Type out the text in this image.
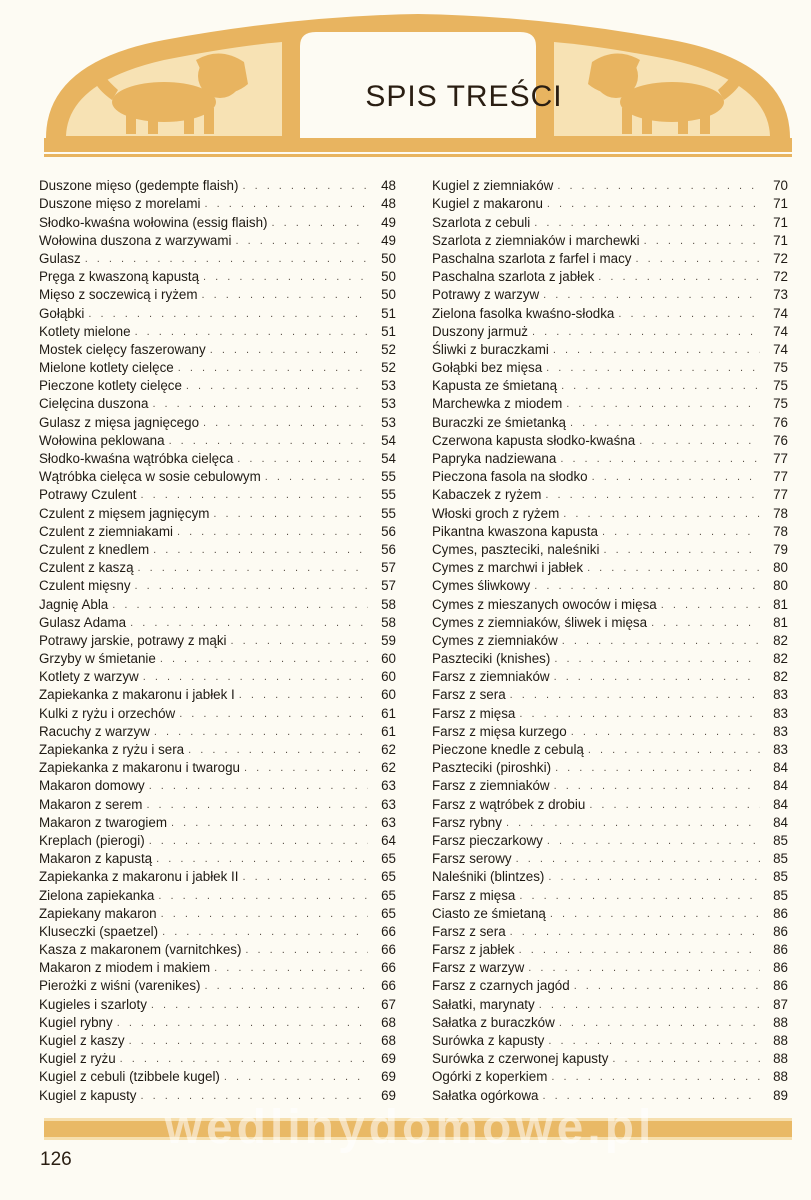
SPIS TREŚCI
Duszone mięso (gedempte flaish) . . .	48
Duszone mięso z morelami . . .	48
Słodko-kwaśna wołowina (essig flaish) . . .	49
Wołowina duszona z warzywami . . .	49
Gulasz . . .	50
Pręga z kwaszoną kapustą . . .	50
Mięso z soczewicą i ryżem . . .	50
Gołąbki . . .	51
Kotlety mielone . . .	51
Mostek cielęcy faszerowany . . .	52
Mielone kotlety cielęce . . .	52
Pieczone kotlety cielęce . . .	53
Cielęcina duszona . . .	53
Gulasz z mięsa jagnięcego . . .	53
Wołowina peklowana . . .	54
Słodko-kwaśna wątróbka cielęca . . .	54
Wątróbka cielęca w sosie cebulowym . . .	55
Potrawy Czulent . . .	55
Czulent z mięsem jagnięcym . . .	55
Czulent z ziemniakami . . .	56
Czulent z knedlem . . .	56
Czulent z kaszą . . .	57
Czulent mięsny . . .	57
Jagnię Abla . . .	58
Gulasz Adama . . .	58
Potrawy jarskie, potrawy z mąki . . .	59
Grzyby w śmietanie . . .	60
Kotlety z warzyw . . .	60
Zapiekanka z makaronu i jabłek I . . .	60
Kulki z ryżu i orzechów . . .	61
Racuchy z warzyw . . .	61
Zapiekanka z ryżu i sera . . .	62
Zapiekanka z makaronu i twarogu . . .	62
Makaron domowy . . .	63
Makaron z serem . . .	63
Makaron z twarogiem . . .	63
Kreplach (pierogi) . . .	64
Makaron z kapustą . . .	65
Zapiekanka z makaronu i jabłek II . . .	65
Zielona zapiekanka . . .	65
Zapiekany makaron . . .	65
Kluseczki (spaetzel) . . .	66
Kasza z makaronem (varnitchkes) . . .	66
Makaron z miodem i makiem . . .	66
Pierożki z wiśni (varenikes) . . .	66
Kugieles i szarloty . . .	67
Kugiel rybny . . .	68
Kugiel z kaszy . . .	68
Kugiel z ryżu . . .	69
Kugiel z cebuli (tzibbele kugel) . . .	69
Kugiel z kapusty . . .	69
Kugiel z ziemniaków . . .	70
Kugiel z makaronu . . .	71
Szarlota z cebuli . . .	71
Szarlota z ziemniaków i marchewki . . .	71
Paschalna szarlota z farfel i macy . . .	72
Paschalna szarlota z jabłek . . .	72
Potrawy z warzyw . . .	73
Zielona fasolka kwaśno-słodka . . .	74
Duszony jarmuż . . .	74
Śliwki z buraczkami . . .	74
Gołąbki bez mięsa . . .	75
Kapusta ze śmietaną . . .	75
Marchewka z miodem . . .	75
Buraczki ze śmietanką . . .	76
Czerwona kapusta słodko-kwaśna . . .	76
Papryka nadziewana . . .	77
Pieczona fasola na słodko . . .	77
Kabaczek z ryżem . . .	77
Włoski groch z ryżem . . .	78
Pikantna kwaszona kapusta . . .	78
Cymes, paszteciki, naleśniki . . .	79
Cymes z marchwi i jabłek . . .	80
Cymes śliwkowy . . .	80
Cymes z mieszanych owoców i mięsa . . .	81
Cymes z ziemniaków, śliwek i mięsa . . .	81
Cymes z ziemniaków . . .	82
Paszteciki (knishes) . . .	82
Farsz z ziemniaków . . .	82
Farsz z sera . . .	83
Farsz z mięsa . . .	83
Farsz z mięsa kurzego . . .	83
Pieczone knedle z cebulą . . .	83
Paszteciki (piroshki) . . .	84
Farsz z ziemniaków . . .	84
Farsz z wątróbek z drobiu . . .	84
Farsz rybny . . .	84
Farsz pieczarkowy . . .	85
Farsz serowy . . .	85
Naleśniki (blintzes) . . .	85
Farsz z mięsa . . .	85
Ciasto ze śmietaną . . .	86
Farsz z sera . . .	86
Farsz z jabłek . . .	86
Farsz z warzyw . . .	86
Farsz z czarnych jagód . . .	86
Sałatki, marynaty . . .	87
Sałatka z buraczków . . .	88
Surówka z kapusty . . .	88
Surówka z czerwonej kapusty . . .	88
Ogórki z koperkiem . . .	88
Sałatka ogórkowa . . .	89
wedlinydomowe.pl
126
